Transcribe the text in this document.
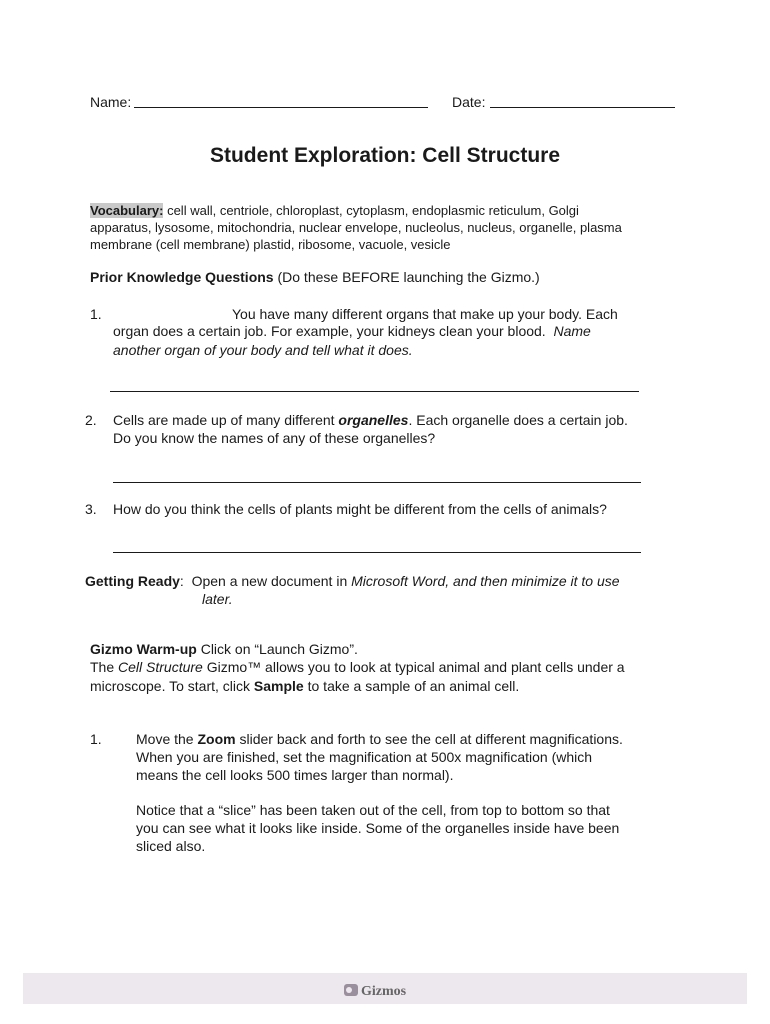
Name:	Date:
Student Exploration: Cell Structure
Vocabulary: cell wall, centriole, chloroplast, cytoplasm, endoplasmic reticulum, Golgi
apparatus, lysosome, mitochondria, nuclear envelope, nucleolus, nucleus, organelle, plasma
membrane (cell membrane) plastid, ribosome, vacuole, vesicle
Prior Knowledge Questions (Do these BEFORE launching the Gizmo.)
1.	You have many different organs that make up your body. Each
organ does a certain job. For example, your kidneys clean your blood. Name
another organ of your body and tell what it does.
2. Cells are made up of many different organelles. Each organelle does a certain job.
Do you know the names of any of these organelles?
3. How do you think the cells of plants might be different from the cells of animals?
Getting Ready: Open a new document in Microsoft Word, and then minimize it to use
later.
Gizmo Warm-up Click on “Launch Gizmo”.
The Cell Structure Gizmo™ allows you to look at typical animal and plant cells under a
microscope. To start, click Sample to take a sample of an animal cell.
1. Move the Zoom slider back and forth to see the cell at different magnifications.
When you are finished, set the magnification at 500x magnification (which
means the cell looks 500 times larger than normal).
Notice that a “slice” has been taken out of the cell, from top to bottom so that
you can see what it looks like inside. Some of the organelles inside have been
sliced also.
Gizmos
